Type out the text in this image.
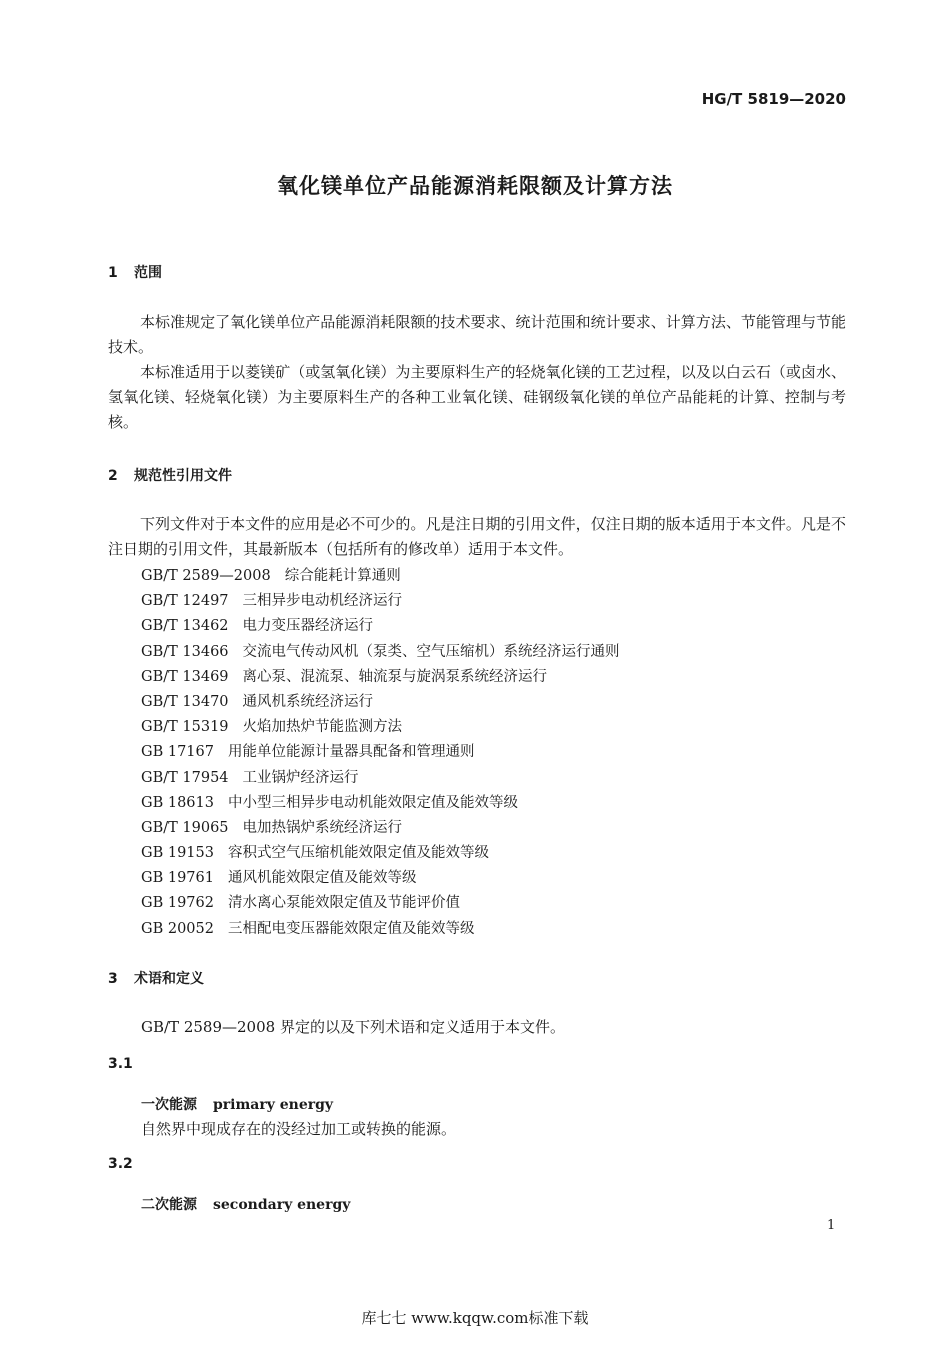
HG/T 5819—2020
氧化镁单位产品能源消耗限额及计算方法
1 范围
本标准规定了氧化镁单位产品能源消耗限额的技术要求、统计范围和统计要求、计算方法、节能管理与节能技术。
本标准适用于以菱镁矿（或氢氧化镁）为主要原料生产的轻烧氧化镁的工艺过程，以及以白云石（或卤水、氢氧化镁、轻烧氧化镁）为主要原料生产的各种工业氧化镁、硅钢级氧化镁的单位产品能耗的计算、控制与考核。
2 规范性引用文件
下列文件对于本文件的应用是必不可少的。凡是注日期的引用文件，仅注日期的版本适用于本文件。凡是不注日期的引用文件，其最新版本（包括所有的修改单）适用于本文件。
GB/T 2589—2008 综合能耗计算通则
GB/T 12497 三相异步电动机经济运行
GB/T 13462 电力变压器经济运行
GB/T 13466 交流电气传动风机（泵类、空气压缩机）系统经济运行通则
GB/T 13469 离心泵、混流泵、轴流泵与旋涡泵系统经济运行
GB/T 13470 通风机系统经济运行
GB/T 15319 火焰加热炉节能监测方法
GB 17167 用能单位能源计量器具配备和管理通则
GB/T 17954 工业锅炉经济运行
GB 18613 中小型三相异步电动机能效限定值及能效等级
GB/T 19065 电加热锅炉系统经济运行
GB 19153 容积式空气压缩机能效限定值及能效等级
GB 19761 通风机能效限定值及能效等级
GB 19762 清水离心泵能效限定值及节能评价值
GB 20052 三相配电变压器能效限定值及能效等级
3 术语和定义
GB/T 2589—2008 界定的以及下列术语和定义适用于本文件。
3.1
一次能源 primary energy
自然界中现成存在的没经过加工或转换的能源。
3.2
二次能源 secondary energy
1
库七七 www.kqqw.com标准下载
